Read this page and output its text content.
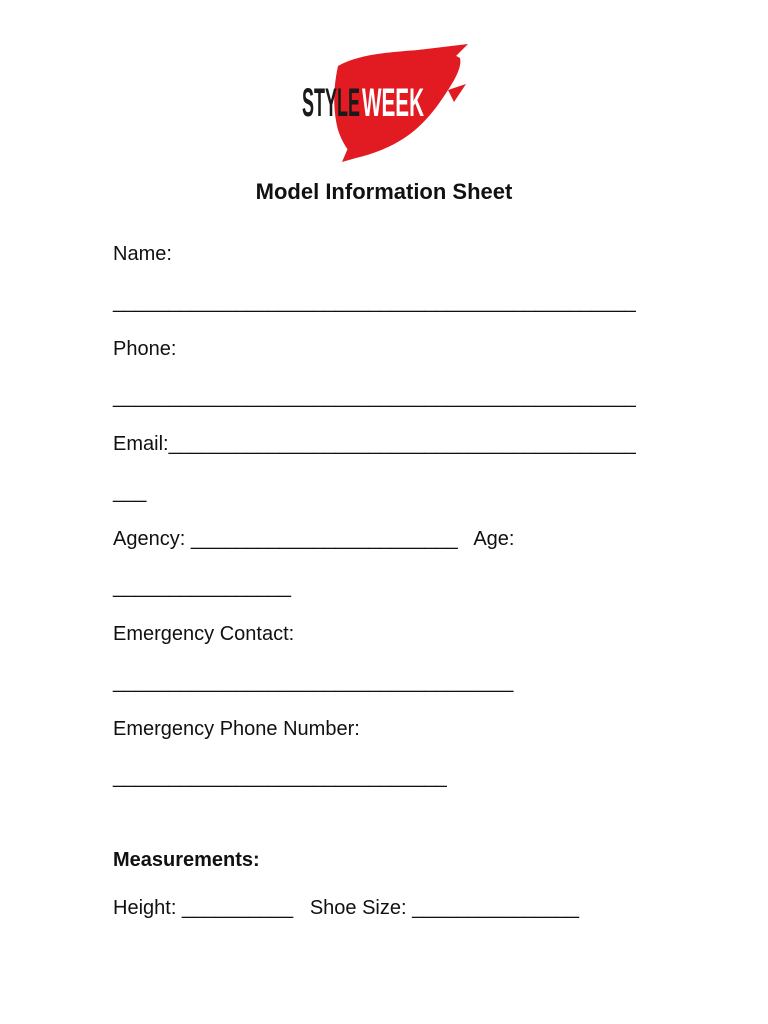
STYLE WEEK
Model Information Sheet
Name:
_______________________________________________
Phone:
_______________________________________________
Email:__________________________________________
___
Agency: ________________________   Age:
________________
Emergency Contact:
____________________________________
Emergency Phone Number:
______________________________
Measurements:
Height: __________   Shoe Size: _______________
